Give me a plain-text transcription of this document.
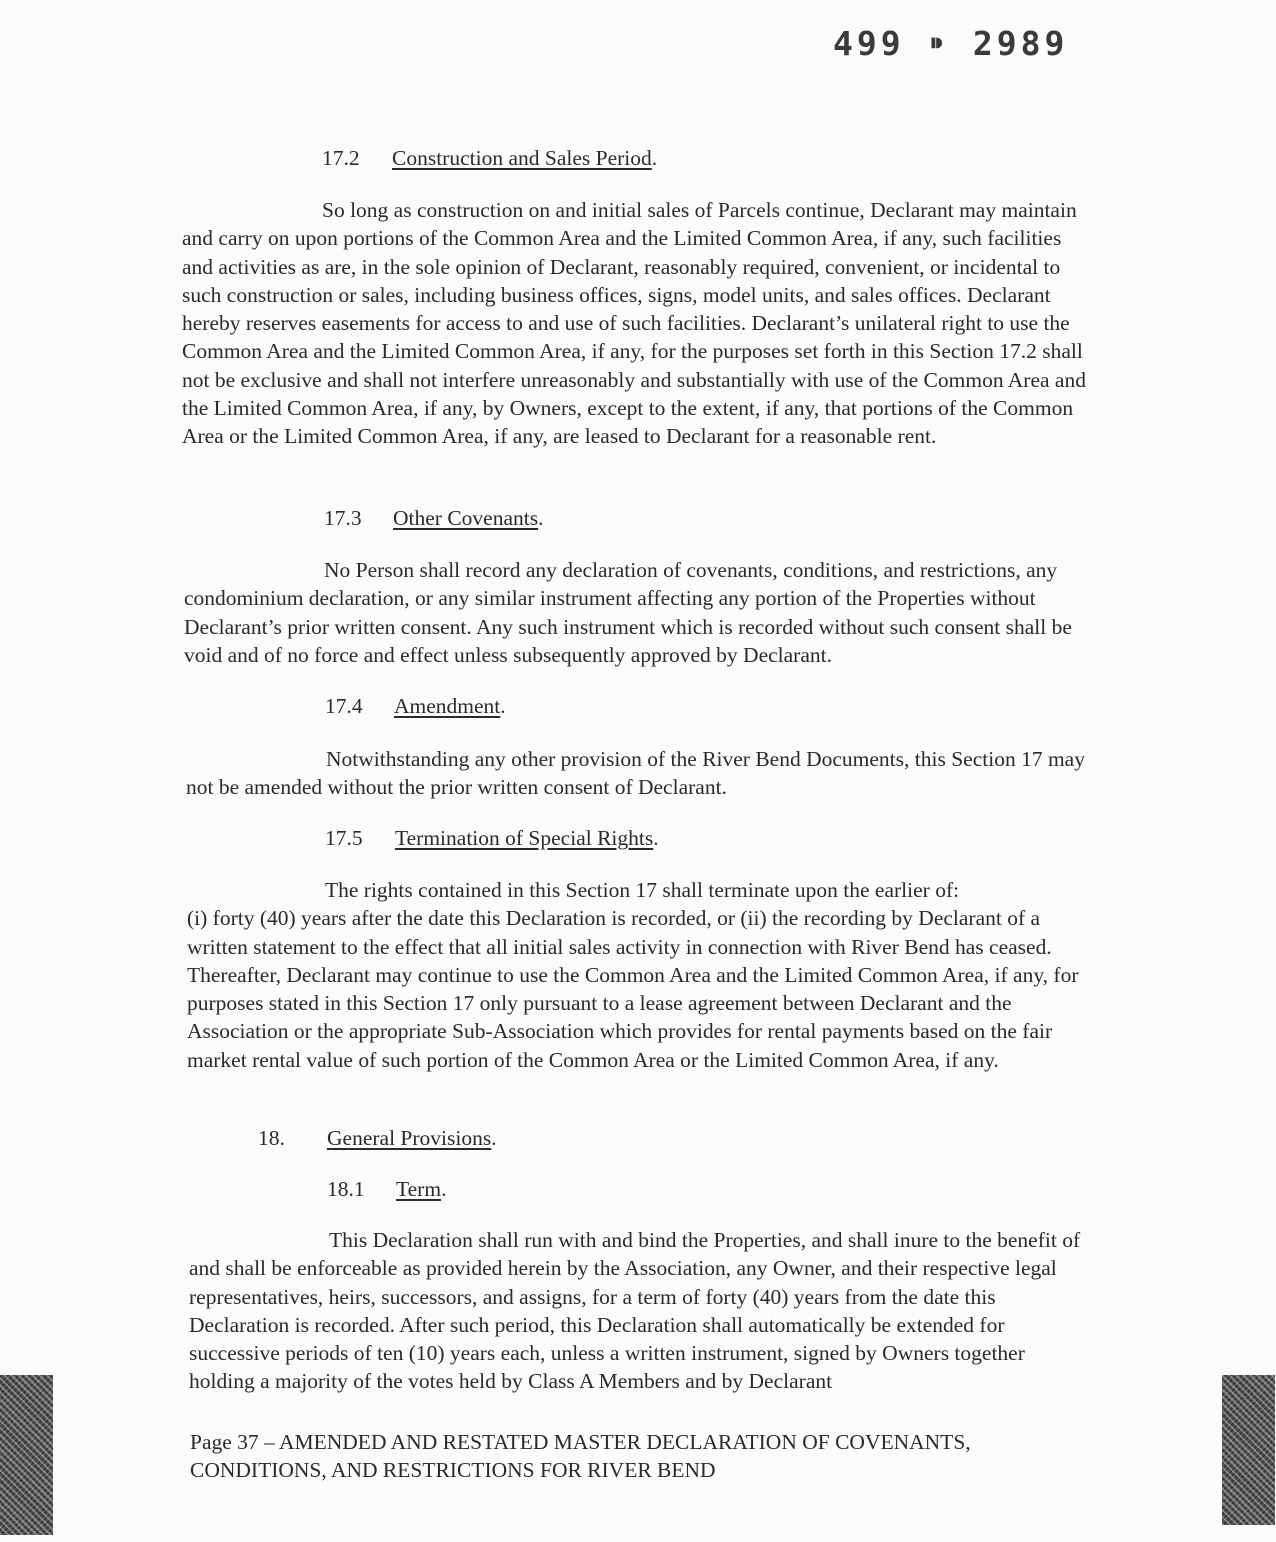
499 ⁍ 2989
17.2 Construction and Sales Period.
So long as construction on and initial sales of Parcels continue, Declarant may maintain and carry on upon portions of the Common Area and the Limited Common Area, if any, such facilities and activities as are, in the sole opinion of Declarant, reasonably required, convenient, or incidental to such construction or sales, including business offices, signs, model units, and sales offices. Declarant hereby reserves easements for access to and use of such facilities. Declarant’s unilateral right to use the Common Area and the Limited Common Area, if any, for the purposes set forth in this Section 17.2 shall not be exclusive and shall not interfere unreasonably and substantially with use of the Common Area and the Limited Common Area, if any, by Owners, except to the extent, if any, that portions of the Common Area or the Limited Common Area, if any, are leased to Declarant for a reasonable rent.
17.3 Other Covenants.
No Person shall record any declaration of covenants, conditions, and restrictions, any condominium declaration, or any similar instrument affecting any portion of the Properties without Declarant’s prior written consent. Any such instrument which is recorded without such consent shall be void and of no force and effect unless subsequently approved by Declarant.
17.4 Amendment.
Notwithstanding any other provision of the River Bend Documents, this Section 17 may not be amended without the prior written consent of Declarant.
17.5 Termination of Special Rights.
The rights contained in this Section 17 shall terminate upon the earlier of:
(i) forty (40) years after the date this Declaration is recorded, or (ii) the recording by Declarant of a written statement to the effect that all initial sales activity in connection with River Bend has ceased. Thereafter, Declarant may continue to use the Common Area and the Limited Common Area, if any, for purposes stated in this Section 17 only pursuant to a lease agreement between Declarant and the Association or the appropriate Sub-Association which provides for rental payments based on the fair market rental value of such portion of the Common Area or the Limited Common Area, if any.
18. General Provisions.
18.1 Term.
This Declaration shall run with and bind the Properties, and shall inure to the benefit of and shall be enforceable as provided herein by the Association, any Owner, and their respective legal representatives, heirs, successors, and assigns, for a term of forty (40) years from the date this Declaration is recorded. After such period, this Declaration shall automatically be extended for successive periods of ten (10) years each, unless a written instrument, signed by Owners together holding a majority of the votes held by Class A Members and by Declarant
Page 37 – AMENDED AND RESTATED MASTER DECLARATION OF COVENANTS,
CONDITIONS, AND RESTRICTIONS FOR RIVER BEND
